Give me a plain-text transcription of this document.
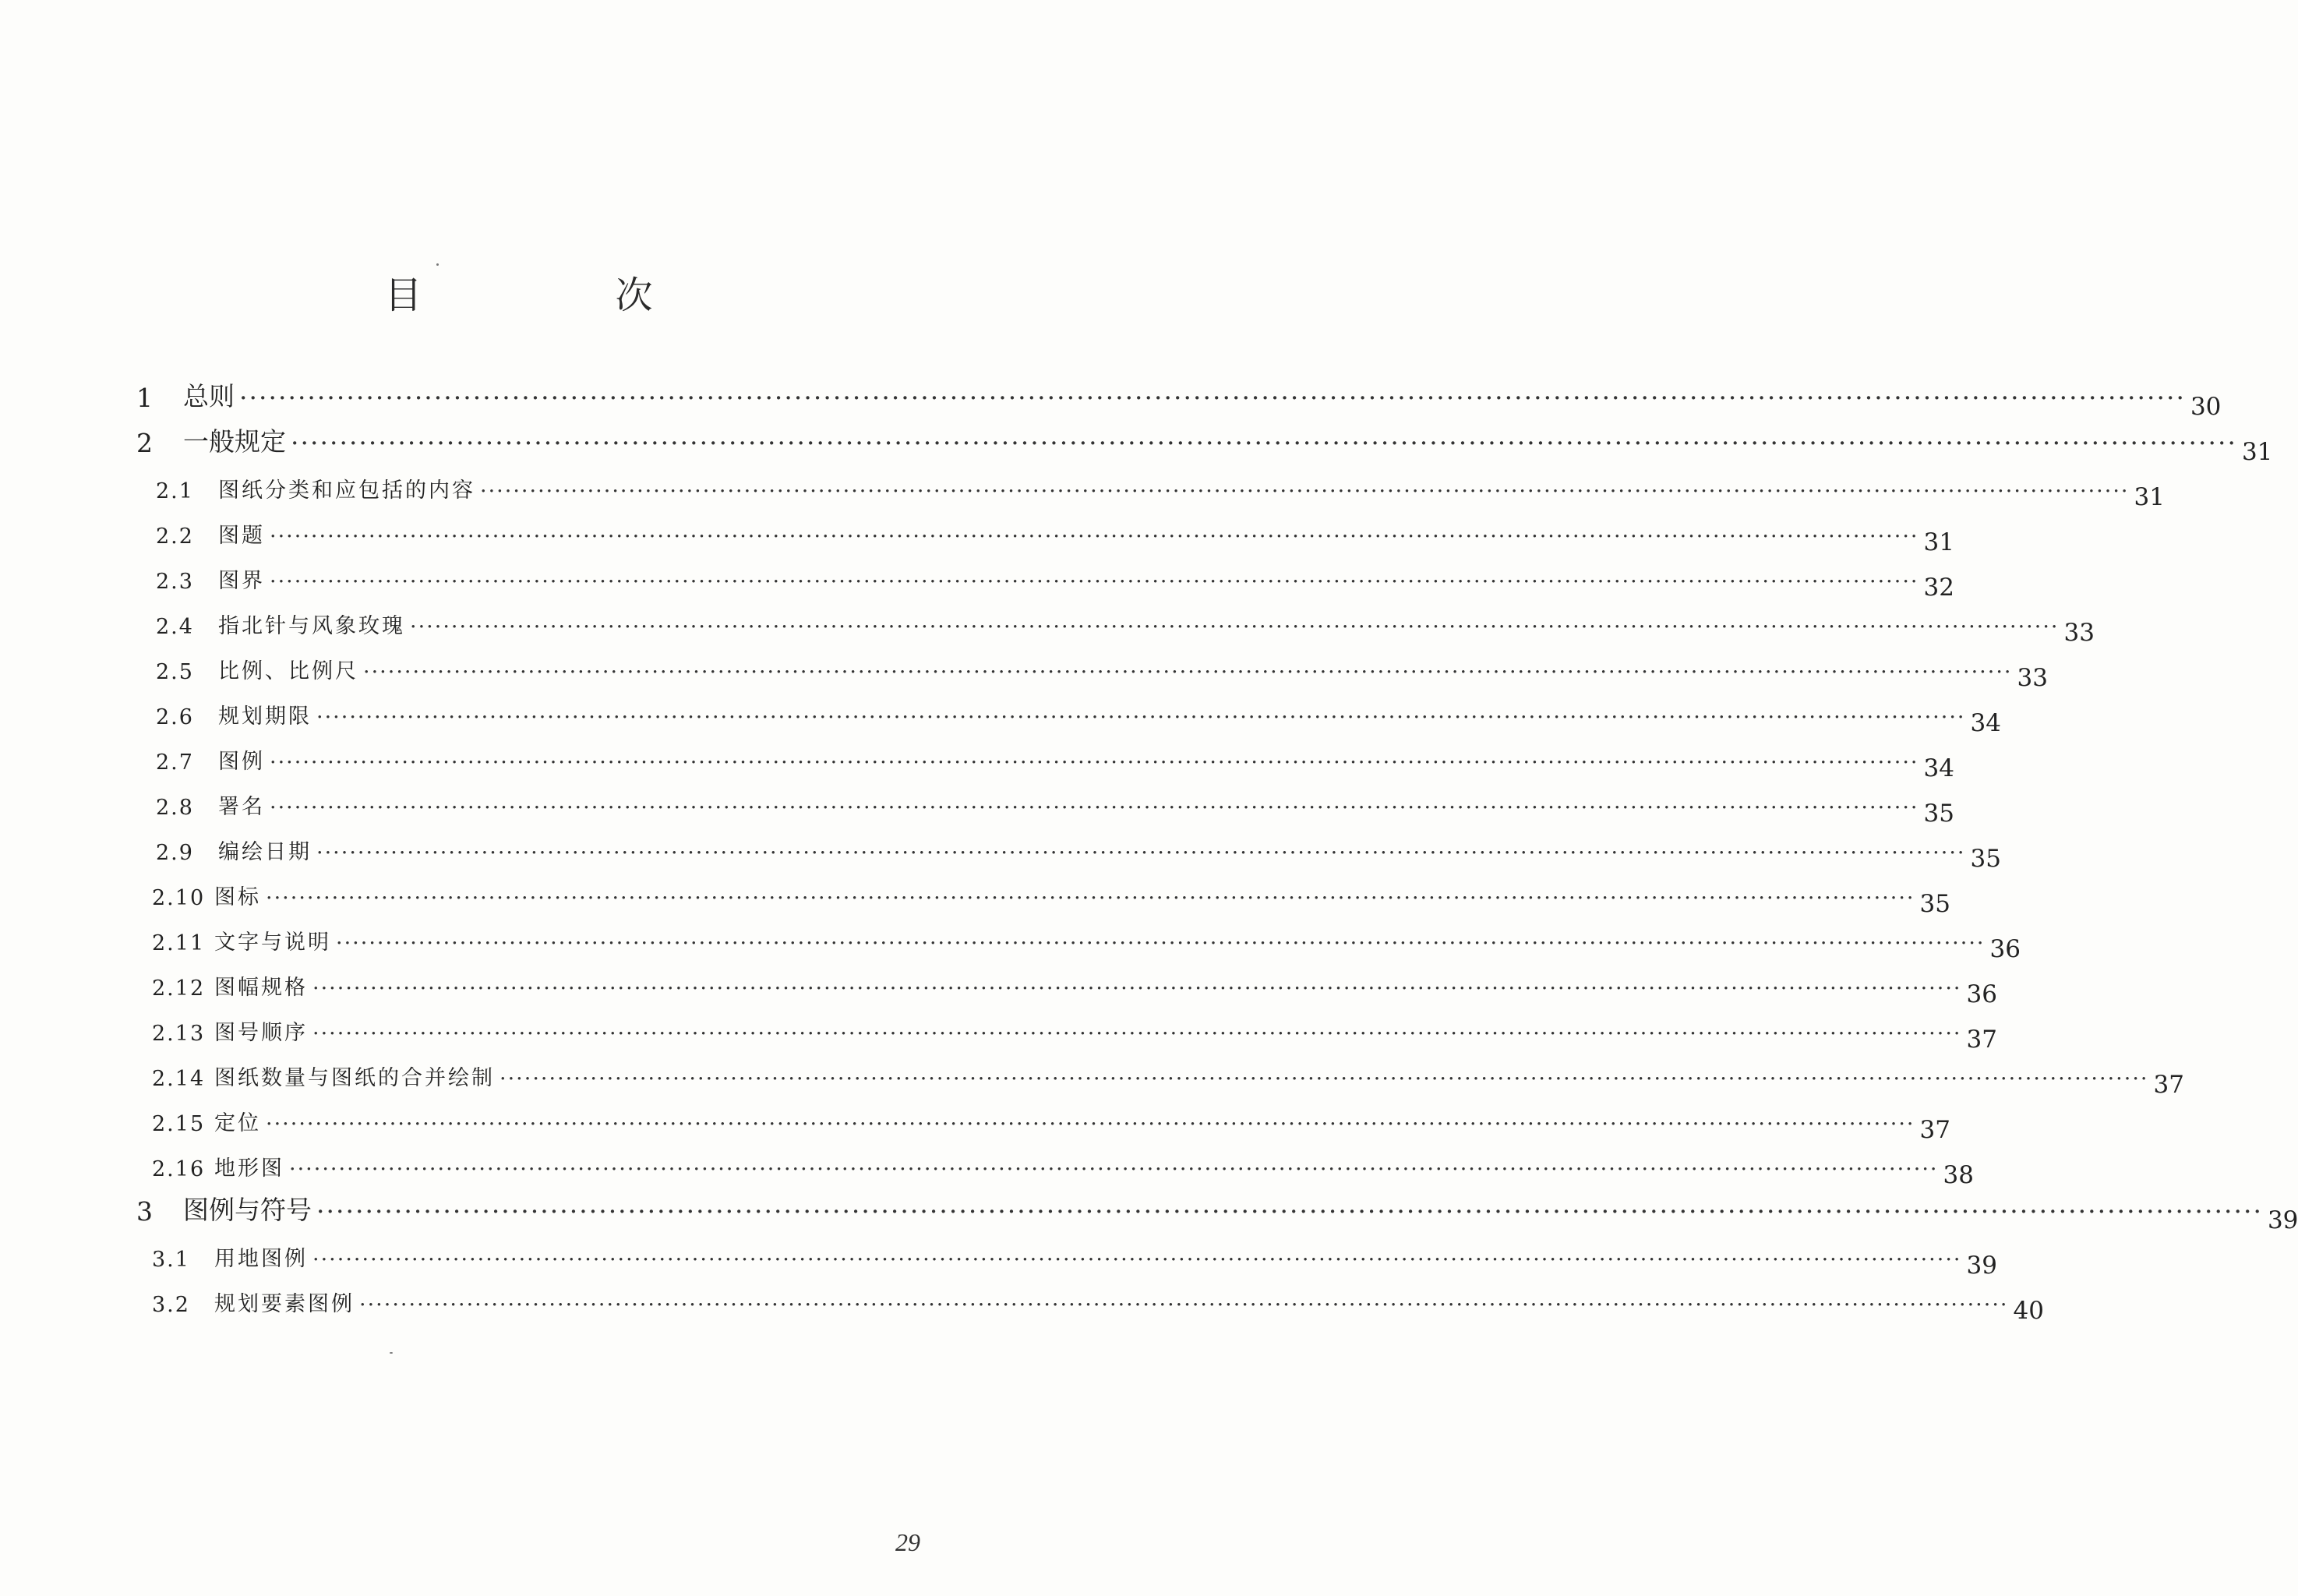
目　次
1	总则 ········································································································································································································ 30
2	一般规定 ········································································································································································································ 31
2.1	图纸分类和应包括的内容 ········································································································································································································ 31
2.2	图题 ········································································································································································································ 31
2.3	图界 ········································································································································································································ 32
2.4	指北针与风象玫瑰 ········································································································································································································ 33
2.5	比例、比例尺 ········································································································································································································ 33
2.6	规划期限 ········································································································································································································ 34
2.7	图例 ········································································································································································································ 34
2.8	署名 ········································································································································································································ 35
2.9	编绘日期 ········································································································································································································ 35
2.10 图标 ········································································································································································································ 35
2.11 文字与说明 ········································································································································································································ 36
2.12 图幅规格 ········································································································································································································ 36
2.13 图号顺序 ········································································································································································································ 37
2.14 图纸数量与图纸的合并绘制 ········································································································································································································ 37
2.15 定位 ········································································································································································································ 37
2.16 地形图 ········································································································································································································ 38
3	图例与符号 ········································································································································································································ 39
3.1	用地图例 ········································································································································································································ 39
3.2	规划要素图例 ········································································································································································································ 40
29
